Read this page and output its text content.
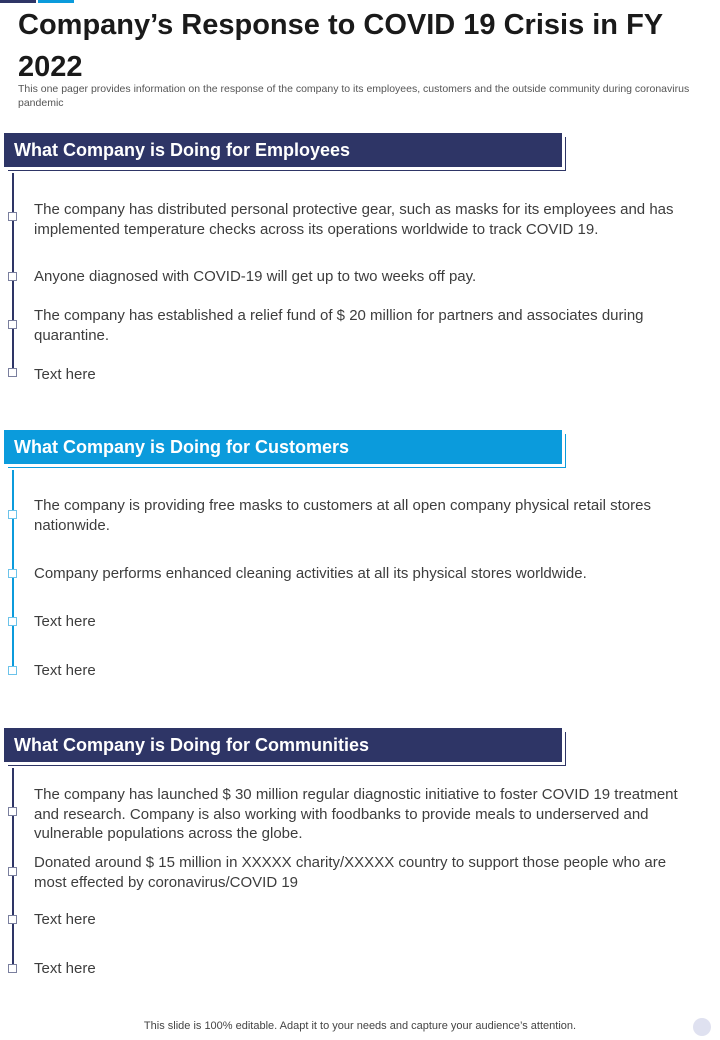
Company’s Response to COVID 19 Crisis in FY 2022

This one pager provides information on the response of the company to its employees, customers and the outside community during coronavirus pandemic

What Company is Doing for Employees

The company has distributed personal protective gear, such as masks for its employees and has implemented temperature checks across its operations worldwide to track COVID 19.

Anyone diagnosed with COVID-19 will get up to two weeks off pay.

The company has established a relief fund of $ 20 million for partners and associates during quarantine.

Text here

What Company is Doing for Customers

The company is providing free masks to customers at all open company physical retail stores nationwide.

Company performs enhanced cleaning activities at all its physical stores worldwide.

Text here

Text here

What Company is Doing for Communities

The company has launched $ 30 million regular diagnostic initiative to foster COVID 19 treatment and research. Company is also working with foodbanks to provide meals to underserved and vulnerable populations across the globe.

Donated around $ 15 million in XXXXX charity/XXXXX country to support those people who are most effected by coronavirus/COVID 19

Text here

Text here

This slide is 100% editable. Adapt it to your needs and capture your audience’s attention.
